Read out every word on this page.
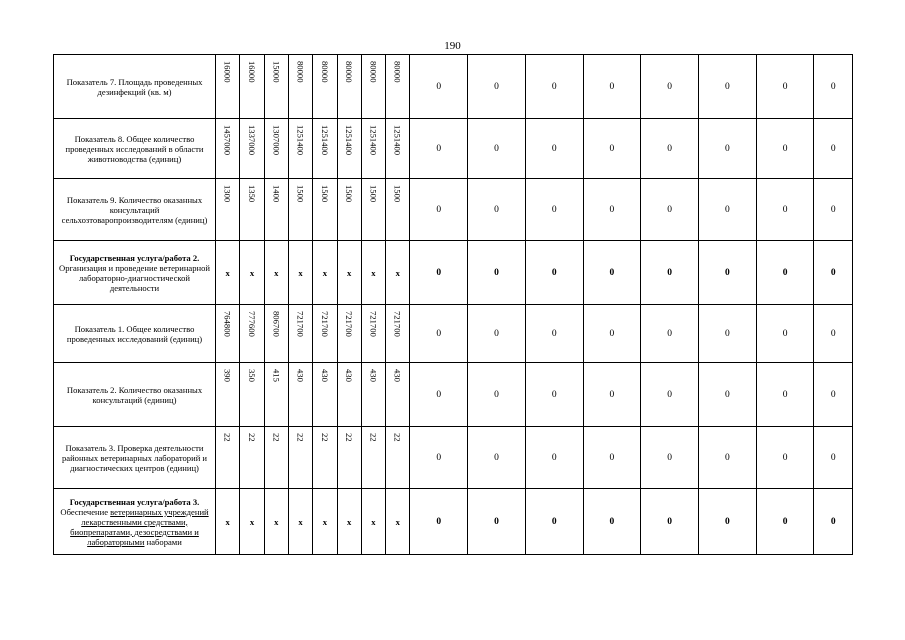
190
Показатель 7. Площадь проведенных дезинфекций (кв. м)	16000	16000	15000	80000	80000	80000	80000	80000	0	0	0	0	0	0	0	0
Показатель 8. Общее количество проведенных исследований в области животноводства (единиц)	1457000	1337000	1307000	1251400	1251400	1251400	1251400	1251400	0	0	0	0	0	0	0	0
Показатель 9. Количество оказанных консультаций сельхозтоваропроизводителям (единиц)	1300	1350	1400	1500	1500	1500	1500	1500	0	0	0	0	0	0	0	0
Государственная услуга/работа 2. Организация и проведение ветеринарной лабораторно-диагностической деятельности	x	x	x	x	x	x	x	x	0	0	0	0	0	0	0	0
Показатель 1. Общее количество проведенных исследований (единиц)	764800	777600	806700	721700	721700	721700	721700	721700	0	0	0	0	0	0	0	0
Показатель 2. Количество оказанных консультаций (единиц)	390	350	415	430	430	430	430	430	0	0	0	0	0	0	0	0
Показатель 3. Проверка деятельности районных ветеринарных лабораторий и диагностических центров (единиц)	22	22	22	22	22	22	22	22	0	0	0	0	0	0	0	0
Государственная услуга/работа 3. Обеспечение ветеринарных учреждений лекарственными средствами, биопрепаратами, дезосредствами и лабораторными наборами	x	x	x	x	x	x	x	x	0	0	0	0	0	0	0	0
